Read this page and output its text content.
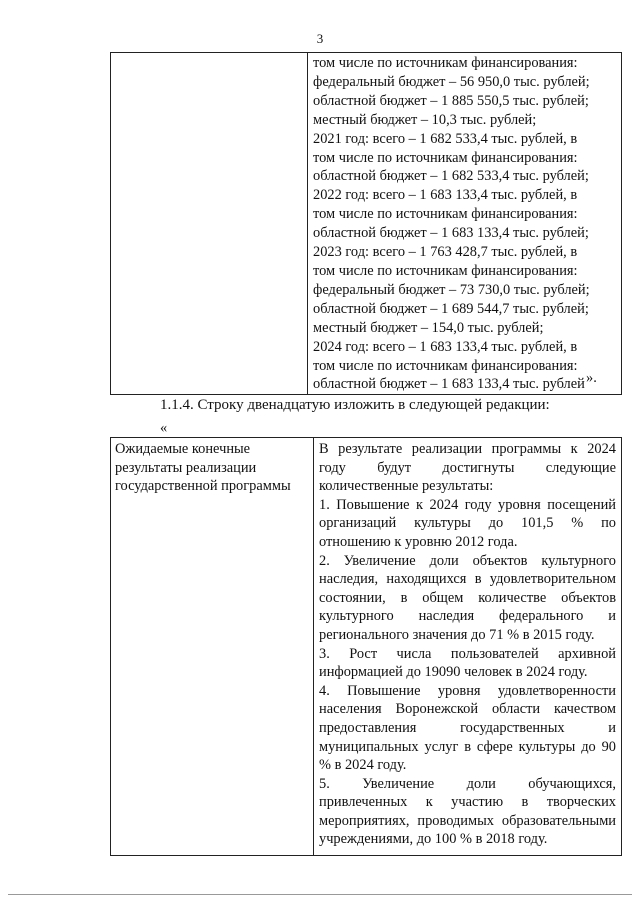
3

том числе по источникам финансирования:
федеральный бюджет – 56 950,0 тыс. рублей;
областной бюджет – 1 885 550,5 тыс. рублей;
местный бюджет – 10,3 тыс. рублей;
2021 год: всего – 1 682 533,4 тыс. рублей, в
том числе по источникам финансирования:
областной бюджет – 1 682 533,4 тыс. рублей;
2022 год: всего – 1 683 133,4 тыс. рублей, в
том числе по источникам финансирования:
областной бюджет – 1 683 133,4 тыс. рублей;
2023 год: всего – 1 763 428,7 тыс. рублей, в
том числе по источникам финансирования:
федеральный бюджет – 73 730,0 тыс. рублей;
областной бюджет – 1 689 544,7 тыс. рублей;
местный бюджет – 154,0 тыс. рублей;
2024 год: всего – 1 683 133,4 тыс. рублей, в
том числе по источникам финансирования:
областной бюджет – 1 683 133,4 тыс. рублей ».
1.1.4. Строку двенадцатую изложить в следующей редакции:
«
Ожидаемые конечные результаты реализации государственной программы	

В результате реализации программы к 2024 году будут достигнуты следующие количественные результаты:

1. Повышение к 2024 году уровня посещений организаций культуры до 101,5 % по отношению к уровню 2012 года.

2. Увеличение доли объектов культурного наследия, находящихся в удовлетворительном состоянии, в общем количестве объектов культурного наследия федерального и регионального значения до 71 % в 2015 году.

3. Рост числа пользователей архивной информацией до 19090 человек в 2024 году.

4. Повышение уровня удовлетворенности населения Воронежской области качеством предоставления государственных и муниципальных услуг в сфере культуры до 90 % в 2024 году.

5. Увеличение доли обучающихся, привлеченных к участию в творческих мероприятиях, проводимых образовательными учреждениями, до 100 % в 2018 году.
